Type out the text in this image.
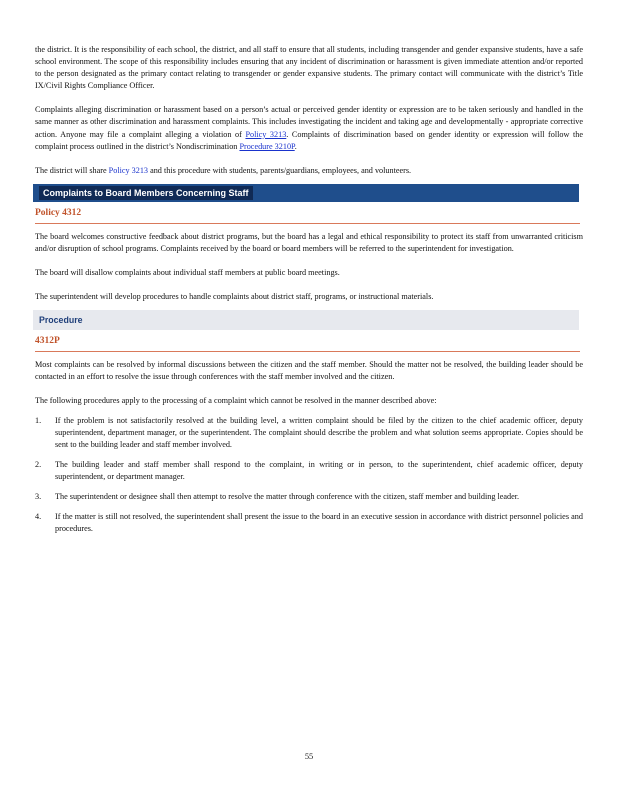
the district. It is the responsibility of each school, the district, and all staff to ensure that all students, including transgender and gender expansive students, have a safe school environment. The scope of this responsibility includes ensuring that any incident of discrimination or harassment is given immediate attention and/or reported to the person designated as the primary contact relating to transgender or gender expansive students. The primary contact will communicate with the district’s Title IX/Civil Rights Compliance Officer.

Complaints alleging discrimination or harassment based on a person’s actual or perceived gender identity or expression are to be taken seriously and handled in the same manner as other discrimination and harassment complaints. This includes investigating the incident and taking age and developmentally - appropriate corrective action. Anyone may file a complaint alleging a violation of Policy 3213. Complaints of discrimination based on gender identity or expression will follow the complaint process outlined in the district’s Nondiscrimination Procedure 3210P.

The district will share Policy 3213 and this procedure with students, parents/guardians, employees, and volunteers.

Complaints to Board Members Concerning Staff
Policy 4312

The board welcomes constructive feedback about district programs, but the board has a legal and ethical responsibility to protect its staff from unwarranted criticism and/or disruption of school programs. Complaints received by the board or board members will be referred to the superintendent for investigation.

The board will disallow complaints about individual staff members at public board meetings.

The superintendent will develop procedures to handle complaints about district staff, programs, or instructional materials.

Procedure
4312P

Most complaints can be resolved by informal discussions between the citizen and the staff member. Should the matter not be resolved, the building leader should be contacted in an effort to resolve the issue through conferences with the staff member involved and the citizen.

The following procedures apply to the processing of a complaint which cannot be resolved in the manner described above:

1.	If the problem is not satisfactorily resolved at the building level, a written complaint should be filed by the citizen to the chief academic officer, deputy superintendent, department manager, or the superintendent. The complaint should describe the problem and what solution seems appropriate. Copies should be sent to the building leader and staff member involved.
2.	The building leader and staff member shall respond to the complaint, in writing or in person, to the superintendent, chief academic officer, deputy superintendent, or department manager.
3.	The superintendent or designee shall then attempt to resolve the matter through conference with the citizen, staff member and building leader.
4.	If the matter is still not resolved, the superintendent shall present the issue to the board in an executive session in accordance with district personnel policies and procedures.
55
